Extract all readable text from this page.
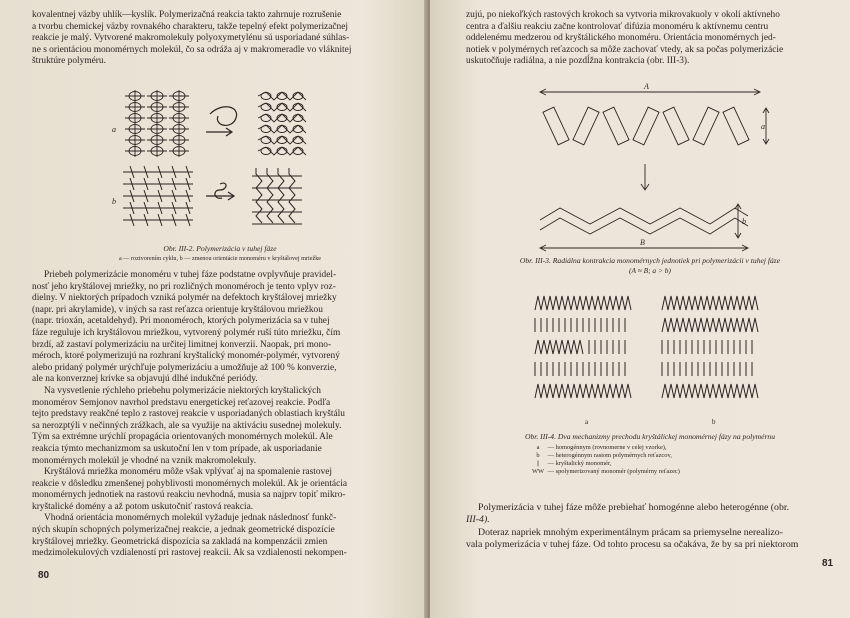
kovalentnej väzby uhlík—kyslík. Polymerizačná reakcia takto zahrnuje rozrušenie

a tvorbu chemickej väzby rovnakého charakteru, takže tepelný efekt polymerizačnej

reakcie je malý. Vytvorené makromolekuly polyoxymetylénu sú usporiadané súhlas-

ne s orientáciou monomérnych molekúl, čo sa odráža aj v makromeradle vo vláknitej

štruktúre polyméru.

a
b
Obr. III-2. Polymerizácia v tuhej fáze
a — roztvorením cyklu, b — zmenou orientácie monoméru v kryštálovej mriežke

Priebeh polymerizácie monoméru v tuhej fáze podstatne ovplyvňuje pravidel-

nosť jeho kryštálovej mriežky, no pri rozličných monoméroch je tento vplyv roz-

dielny. V niektorých prípadoch vzniká polymér na defektoch kryštálovej mriežky

(napr. pri akrylamide), v iných sa rast reťazca orientuje kryštálovou mriežkou

(napr. trioxán, acetaldehyd). Pri monoméroch, ktorých polymerizácia sa v tuhej

fáze reguluje ich kryštálovou mriežkou, vytvorený polymér ruší túto mriežku, čím

brzdí, až zastaví polymerizáciu na určitej limitnej konverzii. Naopak, pri mono-

méroch, ktoré polymerizujú na rozhraní kryštalický monomér-polymér, vytvorený

alebo pridaný polymér urýchľuje polymerizáciu a umožňuje až 100 % konverzie,

ale na konverznej krivke sa objavujú dlhé indukčné periódy.

Na vysvetlenie rýchleho priebehu polymerizácie niektorých kryštalických

monomérov Semjonov navrhol predstavu energetickej reťazovej reakcie. Podľa

tejto predstavy reakčné teplo z rastovej reakcie v usporiadaných oblastiach kryštálu

sa nerozptýli v nečinných zrážkach, ale sa využije na aktiváciu susednej molekuly.

Tým sa extrémne urýchlí propagácia orientovaných monomérnych molekúl. Ale

reakcia týmto mechanizmom sa uskutoční len v tom prípade, ak usporiadanie

monomérnych molekúl je vhodné na vznik makromolekuly.

Kryštálová mriežka monoméru môže však vplývať aj na spomalenie rastovej

reakcie v dôsledku zmenšenej pohyblivosti monomérnych molekúl. Ak je orientácia

monomérnych jednotiek na rastovú reakciu nevhodná, musia sa najprv topiť mikro-

kryštalické domény a až potom uskutočniť rastová reakcia.

Vhodná orientácia monomérnych molekúl vyžaduje jednak následnosť funkč-

ných skupín schopných polymerizačnej reakcie, a jednak geometrické dispozície

kryštálovej mriežky. Geometrická dispozícia sa zakladá na kompenzácii zmien

medzimolekulových vzdialeností pri rastovej reakcii. Ak sa vzdialenosti nekompen-

80

zujú, po niekoľkých rastových krokoch sa vytvoria mikrovakuoly v okolí aktívneho

centra a ďalšiu reakciu začne kontrolovať difúzia monoméru k aktívnemu centru

oddelenému medzerou od kryštálického monoméru. Orientácia monomérnych jed-

notiek v polymérnych reťazcoch sa môže zachovať vtedy, ak sa počas polymerizácie

uskutočňuje radiálna, a nie pozdĺžna kontrakcia (obr. III-3).

A
a
b
B
Obr. III-3. Radiálna kontrakcia monomérnych jednotiek pri polymerizácii v tuhej fáze
(A ≈ B; a > b)
a	b
Obr. III-4. Dva mechanizmy prechodu kryštálickej monomérnej fázy na polymérnu
a — homogénnym (rovnomerne v celej vzorke),
b — heterogénnym rastom polymérnych reťazcov,
|| — kryštalický monomér,
WW — spolymerizovaný monomér (polymérny reťazec)

Polymerizácia v tuhej fáze môže prebiehať homogénne alebo heterogénne (obr.

III-4).

Doteraz napriek mnohým experimentálnym prácam sa priemyselne nerealizo-

vala polymerizácia v tuhej fáze. Od tohto procesu sa očakáva, že by sa pri niektorom

81
